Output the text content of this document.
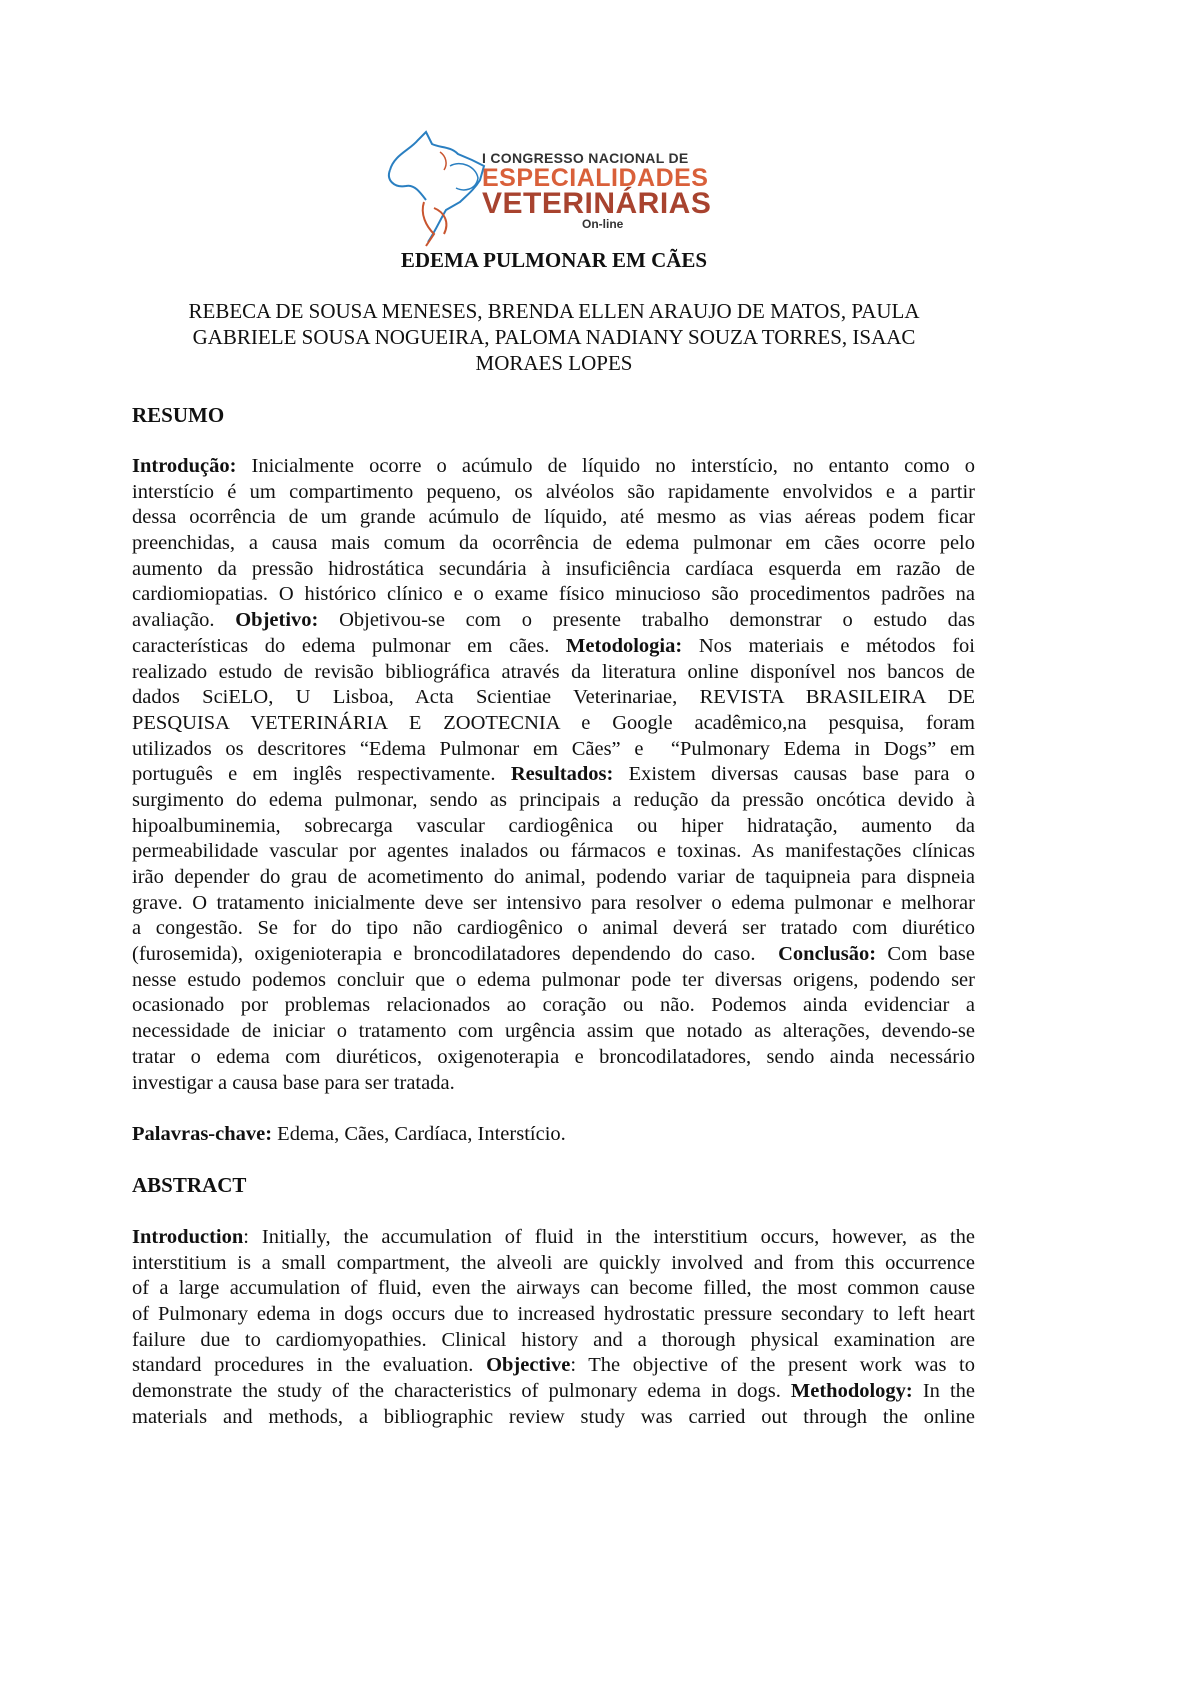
I CONGRESSO NACIONAL DE
ESPECIALIDADES
VETERINÁRIAS
On-line
EDEMA PULMONAR EM CÃES
REBECA DE SOUSA MENESES, BRENDA ELLEN ARAUJO DE MATOS, PAULA
GABRIELE SOUSA NOGUEIRA, PALOMA NADIANY SOUZA TORRES, ISAAC
MORAES LOPES
RESUMO
Introdução: Inicialmente ocorre o acúmulo de líquido no interstício, no entanto como o
interstício é um compartimento pequeno, os alvéolos são rapidamente envolvidos e a partir
dessa ocorrência de um grande acúmulo de líquido, até mesmo as vias aéreas podem ficar
preenchidas, a causa mais comum da ocorrência de edema pulmonar em cães ocorre pelo
aumento da pressão hidrostática secundária à insuficiência cardíaca esquerda em razão de
cardiomiopatias. O histórico clínico e o exame físico minucioso são procedimentos padrões na
avaliação. Objetivo: Objetivou-se com o presente trabalho demonstrar o estudo das
características do edema pulmonar em cães. Metodologia: Nos materiais e métodos foi
realizado estudo de revisão bibliográfica através da literatura online disponível nos bancos de
dados SciELO, U Lisboa, Acta Scientiae Veterinariae, REVISTA BRASILEIRA DE
PESQUISA VETERINÁRIA E ZOOTECNIA e Google acadêmico,na pesquisa, foram
utilizados os descritores “Edema Pulmonar em Cães” e  “Pulmonary Edema in Dogs” em
português e em inglês respectivamente. Resultados: Existem diversas causas base para o
surgimento do edema pulmonar, sendo as principais a redução da pressão oncótica devido à
hipoalbuminemia, sobrecarga vascular cardiogênica ou hiper hidratação, aumento da
permeabilidade vascular por agentes inalados ou fármacos e toxinas. As manifestações clínicas
irão depender do grau de acometimento do animal, podendo variar de taquipneia para dispneia
grave. O tratamento inicialmente deve ser intensivo para resolver o edema pulmonar e melhorar
a congestão. Se for do tipo não cardiogênico o animal deverá ser tratado com diurético
(furosemida), oxigenioterapia e broncodilatadores dependendo do caso.  Conclusão: Com base
nesse estudo podemos concluir que o edema pulmonar pode ter diversas origens, podendo ser
ocasionado por problemas relacionados ao coração ou não. Podemos ainda evidenciar a
necessidade de iniciar o tratamento com urgência assim que notado as alterações, devendo-se
tratar o edema com diuréticos, oxigenoterapia e broncodilatadores, sendo ainda necessário
investigar a causa base para ser tratada.
Palavras-chave: Edema, Cães, Cardíaca, Interstício.
ABSTRACT
Introduction: Initially, the accumulation of fluid in the interstitium occurs, however, as the
interstitium is a small compartment, the alveoli are quickly involved and from this occurrence
of a large accumulation of fluid, even the airways can become filled, the most common cause
of Pulmonary edema in dogs occurs due to increased hydrostatic pressure secondary to left heart
failure due to cardiomyopathies. Clinical history and a thorough physical examination are
standard procedures in the evaluation. Objective: The objective of the present work was to
demonstrate the study of the characteristics of pulmonary edema in dogs. Methodology: In the
materials and methods, a bibliographic review study was carried out through the online
